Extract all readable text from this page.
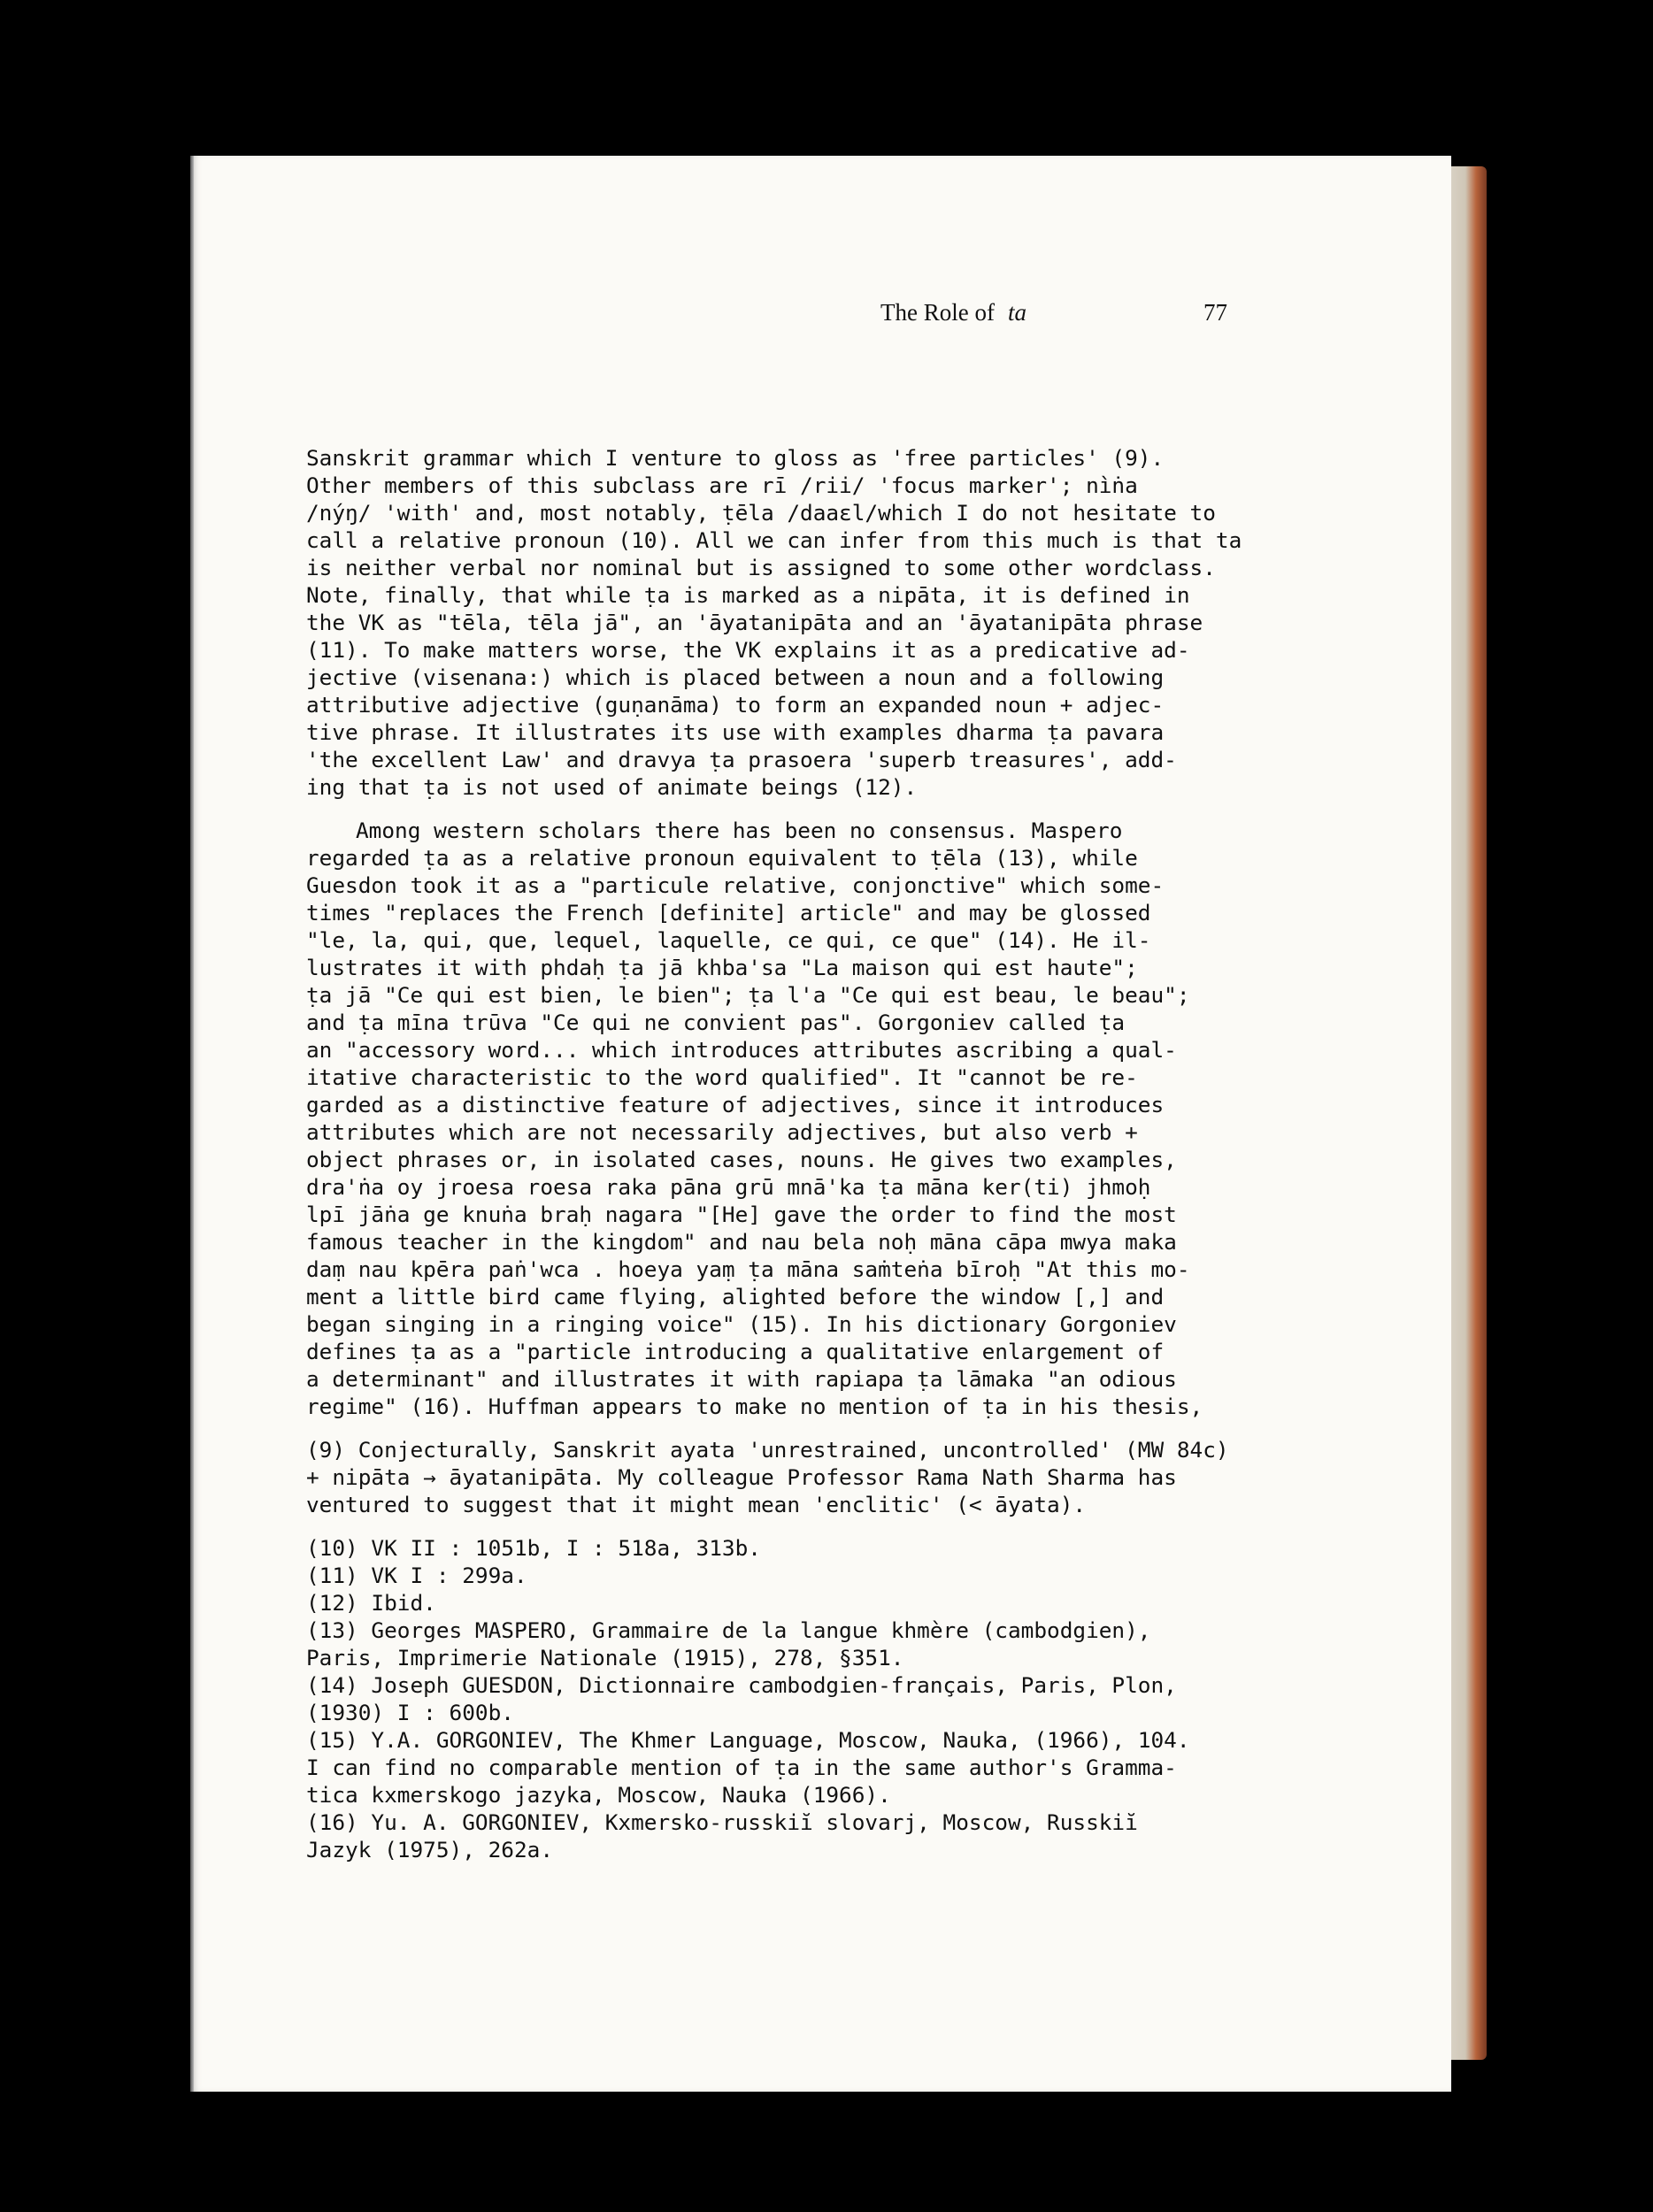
The Role of ta	77
Sanskrit grammar which I venture to gloss as 'free particles' (9).
Other members of this subclass are rī /rii/ 'focus marker'; nìṅa
/nýŋ/ 'with' and, most notably, ṭēla /daaɛl/which I do not hesitate to
call a relative pronoun (10). All we can infer from this much is that ta
is neither verbal nor nominal but is assigned to some other wordclass.
Note, finally, that while ṭa is marked as a nipāta, it is defined in
the VK as "tēla, tēla jā", an 'āyatanipāta and an 'āyatanipāta phrase
(11). To make matters worse, the VK explains it as a predicative ad-
jective (visenana:) which is placed between a noun and a following
attributive adjective (guṇanāma) to form an expanded noun + adjec-
tive phrase. It illustrates its use with examples dharma ṭa pavara
'the excellent Law' and dravya ṭa prasoera 'superb treasures', add-
ing that ṭa is not used of animate beings (12).
Among western scholars there has been no consensus. Maspero
regarded ṭa as a relative pronoun equivalent to ṭēla (13), while
Guesdon took it as a "particule relative, conjonctive" which some-
times "replaces the French [definite] article" and may be glossed
"le, la, qui, que, lequel, laquelle, ce qui, ce que" (14). He il-
lustrates it with phdaḥ ṭa jā khba'sa "La maison qui est haute";
ṭa jā "Ce qui est bien, le bien"; ṭa l'a "Ce qui est beau, le beau";
and ṭa mīna trūva "Ce qui ne convient pas". Gorgoniev called ṭa
an "accessory word... which introduces attributes ascribing a qual-
itative characteristic to the word qualified". It "cannot be re-
garded as a distinctive feature of adjectives, since it introduces
attributes which are not necessarily adjectives, but also verb +
object phrases or, in isolated cases, nouns. He gives two examples,
dra'ṅa oy jroesa roesa raka pāna grū mnā'ka ṭa māna ker(ti) jhmoḥ
lpī jāṅa ge knuṅa braḥ nagara "[He] gave the order to find the most
famous teacher in the kingdom" and nau bela noḥ māna cāpa mwya maka
daṃ nau kpēra paṅ'wca . hoeya yaṃ ṭa māna saṁteṅa bīroḥ "At this mo-
ment a little bird came flying, alighted before the window [,] and
began singing in a ringing voice" (15). In his dictionary Gorgoniev
defines ṭa as a "particle introducing a qualitative enlargement of
a determinant" and illustrates it with rapiapa ṭa lāmaka "an odious
regime" (16). Huffman appears to make no mention of ṭa in his thesis,
(9) Conjecturally, Sanskrit ayata 'unrestrained, uncontrolled' (MW 84c)
+ nipāta → āyatanipāta. My colleague Professor Rama Nath Sharma has
ventured to suggest that it might mean 'enclitic' (< āyata).
(10) VK II : 1051b, I : 518a, 313b.
(11) VK I : 299a.
(12) Ibid.
(13) Georges MASPERO, Grammaire de la langue khmère (cambodgien),
Paris, Imprimerie Nationale (1915), 278, §351.
(14) Joseph GUESDON, Dictionnaire cambodgien-français, Paris, Plon,
(1930) I : 600b.
(15) Y.A. GORGONIEV, The Khmer Language, Moscow, Nauka, (1966), 104.
I can find no comparable mention of ṭa in the same author's Gramma-
tica kxmerskogo jazyka, Moscow, Nauka (1966).
(16) Yu. A. GORGONIEV, Kxmersko-russkiĭ slovarj, Moscow, Russkiĭ
Jazyk (1975), 262a.
